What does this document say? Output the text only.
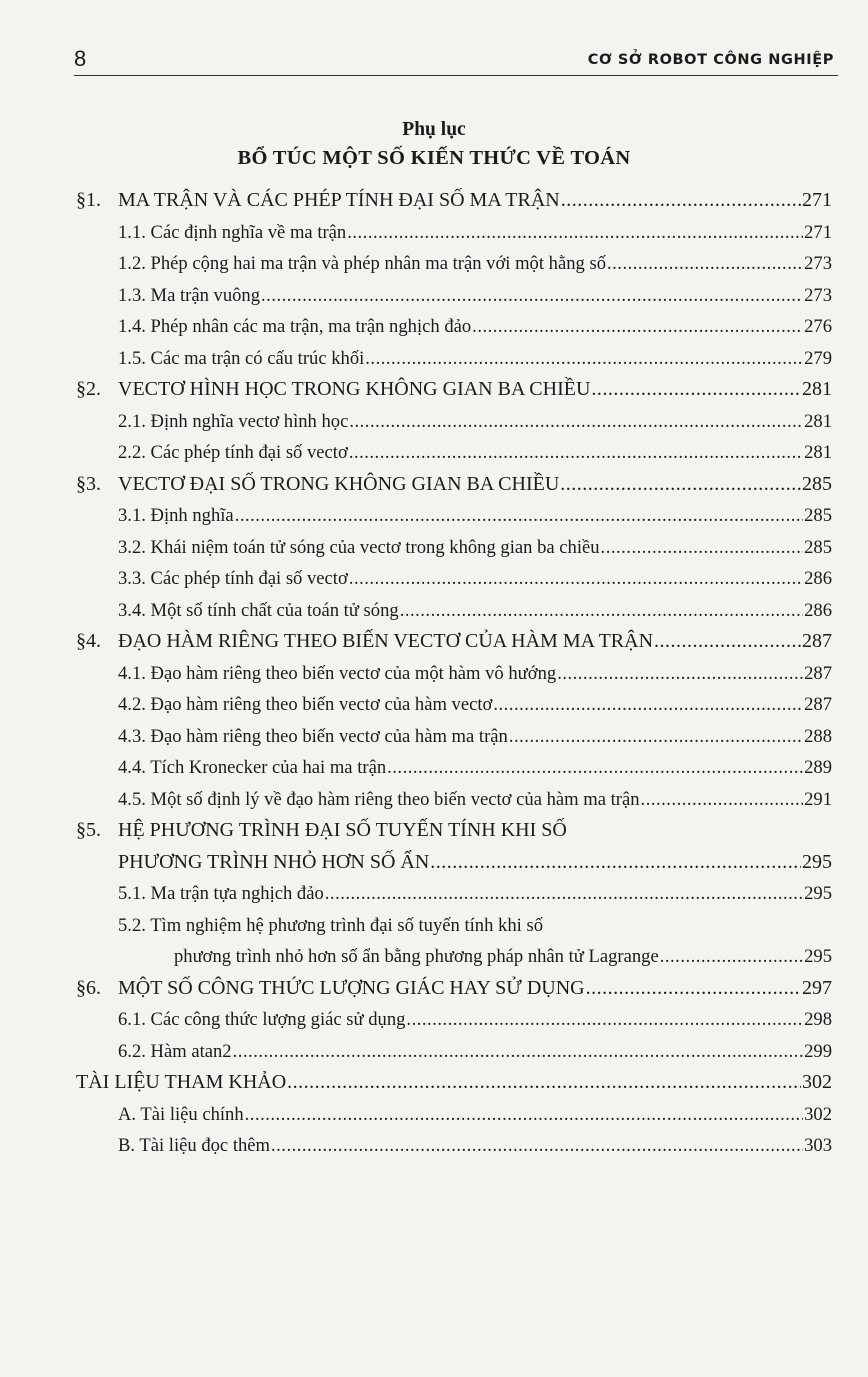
8	CƠ SỞ ROBOT CÔNG NGHIỆP
Phụ lục
BỔ TÚC MỘT SỐ KIẾN THỨC VỀ TOÁN
§1. MA TRẬN VÀ CÁC PHÉP TÍNH ĐẠI SỐ MA TRẬN .....	271
1.1. Các định nghĩa về ma trận .....	271
1.2. Phép cộng hai ma trận và phép nhân ma trận với một hằng số .....	273
1.3. Ma trận vuông .....	273
1.4. Phép nhân các ma trận, ma trận nghịch đảo .....	276
1.5. Các ma trận có cấu trúc khối .....	279
§2. VECTƠ HÌNH HỌC TRONG KHÔNG GIAN BA CHIỀU .....	281
2.1. Định nghĩa vectơ hình học .....	281
2.2. Các phép tính đại số vectơ .....	281
§3. VECTƠ ĐẠI SỐ TRONG KHÔNG GIAN BA CHIỀU .....	285
3.1. Định nghĩa .....	285
3.2. Khái niệm toán tử sóng của vectơ trong không gian ba chiều .....	285
3.3. Các phép tính đại số vectơ .....	286
3.4. Một số tính chất của toán tử sóng .....	286
§4. ĐẠO HÀM RIÊNG THEO BIẾN VECTƠ CỦA HÀM MA TRẬN .....	287
4.1. Đạo hàm riêng theo biến vectơ của một hàm vô hướng .....	287
4.2. Đạo hàm riêng theo biến vectơ của hàm vectơ .....	287
4.3. Đạo hàm riêng theo biến vectơ của hàm ma trận .....	288
4.4. Tích Kronecker của hai ma trận .....	289
4.5. Một số định lý về đạo hàm riêng theo biến vectơ của hàm ma trận .....	291
§5. HỆ PHƯƠNG TRÌNH ĐẠI SỐ TUYẾN TÍNH KHI SỐ
PHƯƠNG TRÌNH NHỎ HƠN SỐ ẨN .....	295
5.1. Ma trận tựa nghịch đảo .....	295
5.2. Tìm nghiệm hệ phương trình đại số tuyến tính khi số
phương trình nhỏ hơn số ẩn bằng phương pháp nhân tử Lagrange .....	295
§6. MỘT SỐ CÔNG THỨC LƯỢNG GIÁC HAY SỬ DỤNG .....	297
6.1. Các công thức lượng giác sử dụng .....	298
6.2. Hàm atan2 .....	299
TÀI LIỆU THAM KHẢO .....	302
A. Tài liệu chính .....	302
B. Tài liệu đọc thêm .....	303
